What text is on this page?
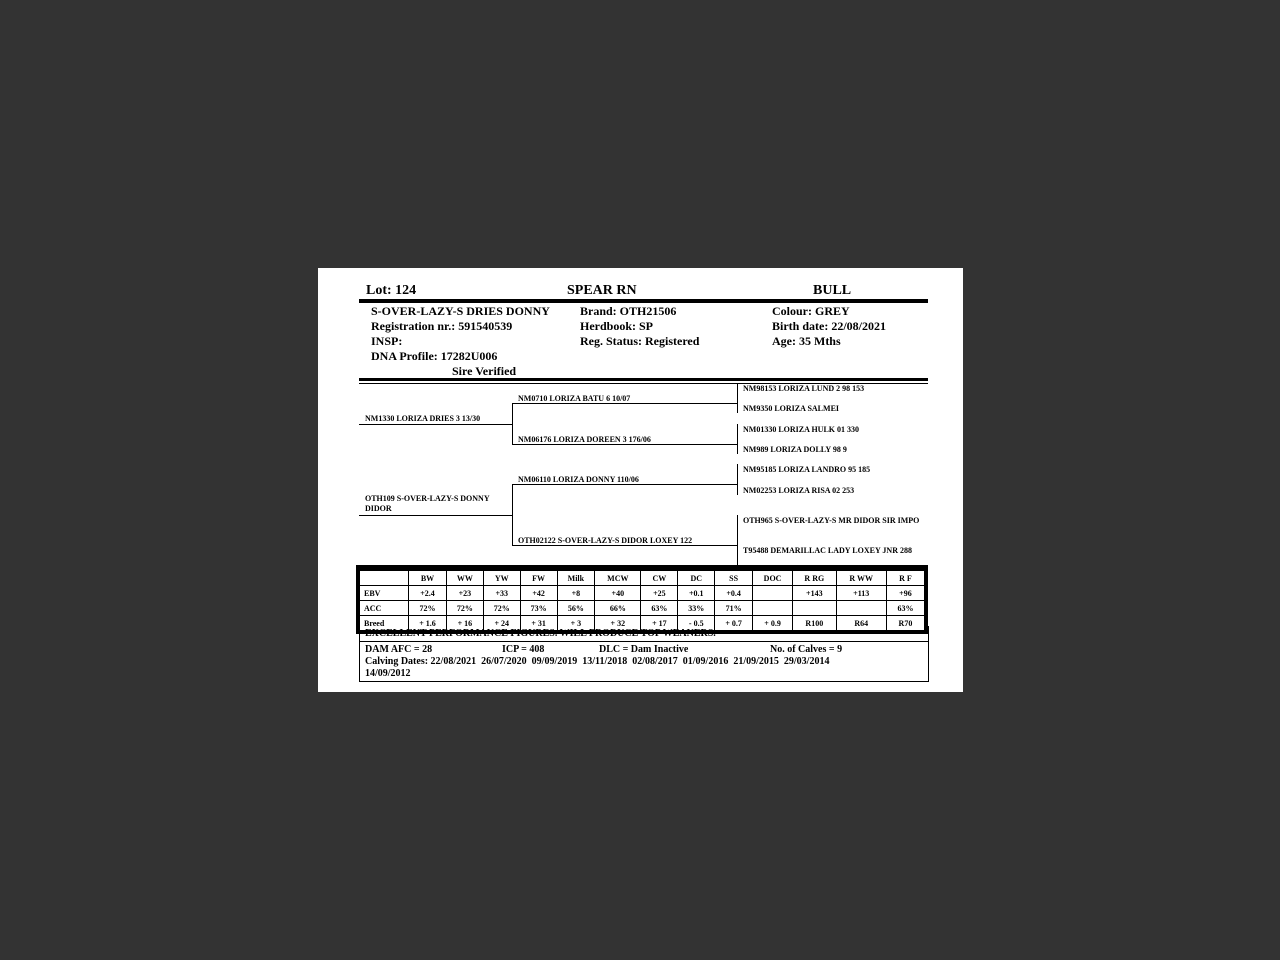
Lot: 124	SPEAR RN	BULL
S-OVER-LAZY-S DRIES DONNY
Registration nr.: 591540539
INSP:
DNA Profile: 17282U006
Sire Verified
Brand: OTH21506
Herdbook: SP
Reg. Status: Registered
Colour: GREY
Birth date: 22/08/2021
Age: 35 Mths
NM1330 LORIZA DRIES 3 13/30
OTH109 S-OVER-LAZY-S DONNY DIDOR
NM0710 LORIZA BATU 6 10/07
NM06176 LORIZA DOREEN 3 176/06
NM06110 LORIZA DONNY 110/06
OTH02122 S-OVER-LAZY-S DIDOR LOXEY 122
NM98153 LORIZA LUND 2 98 153
NM9350 LORIZA SALMEI
NM01330 LORIZA HULK 01 330
NM989 LORIZA DOLLY 98 9
NM95185 LORIZA LANDRO 95 185
NM02253 LORIZA RISA 02 253
OTH965 S-OVER-LAZY-S MR DIDOR SIR IMPO
T95488 DEMARILLAC LADY LOXEY JNR 288
	BW	WW	YW	FW	Milk	MCW	CW	DC	SS	DOC	R RG	R WW	R F
EBV	+2.4	+23	+33	+42	+8	+40	+25	+0.1	+0.4		+143	+113	+96
ACC	72%	72%	72%	73%	56%	66%	63%	33%	71%				63%
Breed	+ 1.6	+ 16	+ 24	+ 31	+ 3	+ 32	+ 17	- 0.5	+ 0.7	+ 0.9	R100	R64	R70
EXCELLENT PERFORMANCE FIGURES. WILL PRODUCE TOP WEANERS.
DAM AFC = 28	ICP = 408	DLC = Dam Inactive	No. of Calves = 9
Calving Dates: 22/08/2021  26/07/2020  09/09/2019  13/11/2018  02/08/2017  01/09/2016  21/09/2015  29/03/2014
14/09/2012
